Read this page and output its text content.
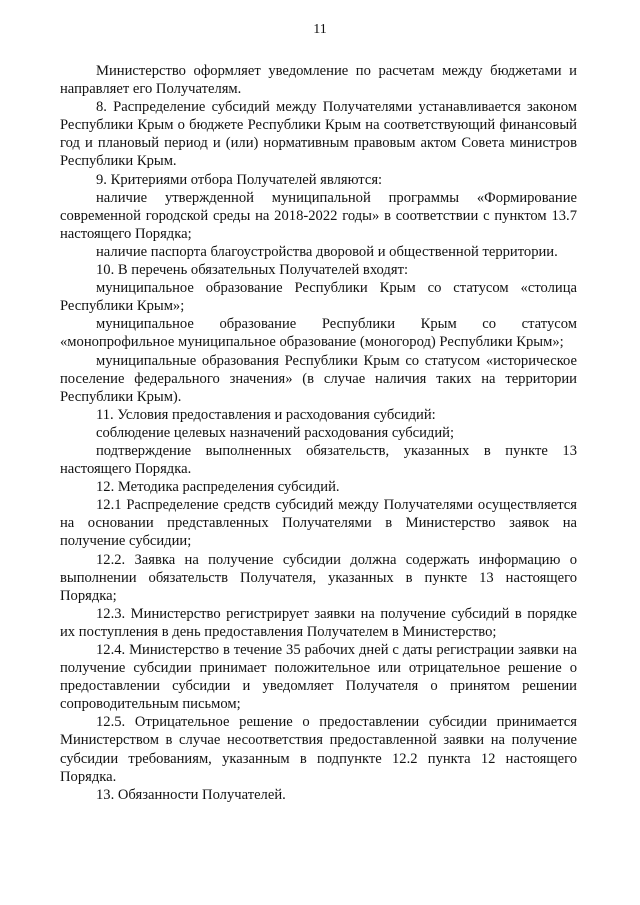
11

Министерство оформляет уведомление по расчетам между бюджетами и направляет его Получателям.

8. Распределение субсидий между Получателями устанавливается законом Республики Крым о бюджете Республики Крым на соответствующий финансовый год и плановый период и (или) нормативным правовым актом Совета министров Республики Крым.

9. Критериями отбора Получателей являются:

наличие утвержденной муниципальной программы «Формирование современной городской среды на 2018-2022 годы» в соответствии с пунктом 13.7 настоящего Порядка;

наличие паспорта благоустройства дворовой и общественной территории.

10. В перечень обязательных Получателей входят:

муниципальное образование Республики Крым со статусом «столица Республики Крым»;

муниципальное образование Республики Крым со статусом «монопрофильное муниципальное образование (моногород) Республики Крым»;

муниципальные образования Республики Крым со статусом «историческое поселение федерального значения» (в случае наличия таких на территории Республики Крым).

11. Условия предоставления и расходования субсидий:

соблюдение целевых назначений расходования субсидий;

подтверждение выполненных обязательств, указанных в пункте 13 настоящего Порядка.

12. Методика распределения субсидий.

12.1 Распределение средств субсидий между Получателями осуществляется на основании представленных Получателями в Министерство заявок на получение субсидии;

12.2. Заявка на получение субсидии должна содержать информацию о выполнении обязательств Получателя, указанных в пункте 13 настоящего Порядка;

12.3. Министерство регистрирует заявки на получение субсидий в порядке их поступления в день предоставления Получателем в Министерство;

12.4. Министерство в течение 35 рабочих дней с даты регистрации заявки на получение субсидии принимает положительное или отрицательное решение о предоставлении субсидии и уведомляет Получателя о принятом решении сопроводительным письмом;

12.5. Отрицательное решение о предоставлении субсидии принимается Министерством в случае несоответствия предоставленной заявки на получение субсидии требованиям, указанным в подпункте 12.2 пункта 12 настоящего Порядка.

13. Обязанности Получателей.
